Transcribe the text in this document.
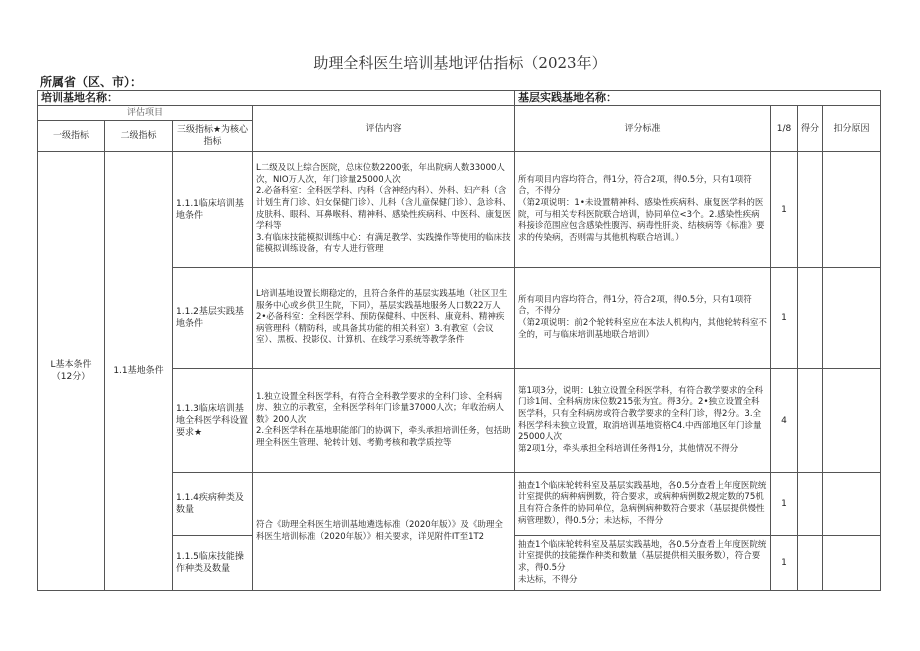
助理全科医生培训基地评估指标（2023年）
所属省（区、市）：
培训基地名称：				基层实践基地名称：			
评估项目			评估内容	评分标准	1/8	得分	扣分原因
一级指标	二级指标	三级指标★为核心指标					
L基本条件（12分）	1.1基地条件	1.1.1临床培训基地条件	L二级及以上综合医院，总床位数2200张，年出院病人数33000人次，NIO万人次，年门诊量25000人次
2.必备科室：全科医学科、内科（含神经内科）、外科、妇产科（含计划生育门诊、妇女保健门诊）、儿科（含儿童保健门诊）、急诊科、皮肤科、眼科、耳鼻喉科、精神科、感染性疾病科、中医科、康复医学科等
3.有临床技能模拟训练中心：有满足教学、实践操作等使用的临床技能模拟训练设备，有专人进行管理	所有项目内容均符合，得1分，符合2项，得0.5分，只有1项符合，不得分
（第2项说明：1•未设置精神科、感染性疾病科、康复医学科的医院，可与相关专科医院联合培训，协同单位<3个。2.感染性疾病科接诊范围应包含感染性腹泻、病毒性肝炎、结核病等《标准》要求的传染病，否则需与其他机构联合培训。）	1		
		1.1.2基层实践基地条件	L培训基地设置长期稳定的，且符合条件的基层实践基地（社区卫生服务中心或乡供卫生院，下同），基层实践基地服务人口数22万人
2•必备科室：全科医学科、预防保健科、中医科、康竟科、精神疾病管理科（精防科，或具备其功能的相关科室）3.有教室（会议室）、黑板、投影仪、计算机、在线学习系统等教学条件	所有项目内容均符合，得1分，符合2项，得0.5分，只有1项符合，不得分
（第2项说明：前2个轮转科室应在本法人机构内，其他轮转科室不全的，可与临床培训基地联合培训）	1		
		1.1.3临床培训基地全科医学科设置要求★	1.独立设置全科医学科，有符合全科教学要求的全科门诊、全科病房、独立的示教室，全科医学科年门诊量37000人次；年收治病人数》200人次
2.全科医学科在基地职能部门的协调下，牵头承担培训任务，包括助理全科医生管理、轮转计划、考勤考核和教学质控等	第1项3分，说明：L独立设置全科医学科，有符合教学要求的全科门诊1间、全科病房床位数215张为宜。得3分。2•独立设置全科医学科，只有全科病房或符合教学要求的全科门诊，得2分。3.全科医学科未独立设置，取消培训基地资格C4.中西部地区年门诊量25000人次
第2项1分，牵头承担全科培训任务得1分，其他情况不得分	4		
		1.1.4疾病种类及数量	符合《助理全科医生培训基地遴选标准（2020年版）》及《助理全科医生培训标准（2020年版）》相关要求，详见附件IT至1T2	抽查1个临床轮转科室及基层实践基地，各0.5分查看上年度医院统计室提供的病种病例数，符合要求，或病种病例数2规定数的75机且有符合条件的协同单位，急病例病种数符合要求（基层提供慢性病管理数），得0.5分；未达标，不得分	1		
		1.1.5临床技能操作种类及数量		抽查1个临床轮转科室及基层实践基地，各0.5分查看上年度医院统计室提供的技能操作种类和数量（基层提供相关服务数），符合要求，得0.5分
未达标，不得分	1		
